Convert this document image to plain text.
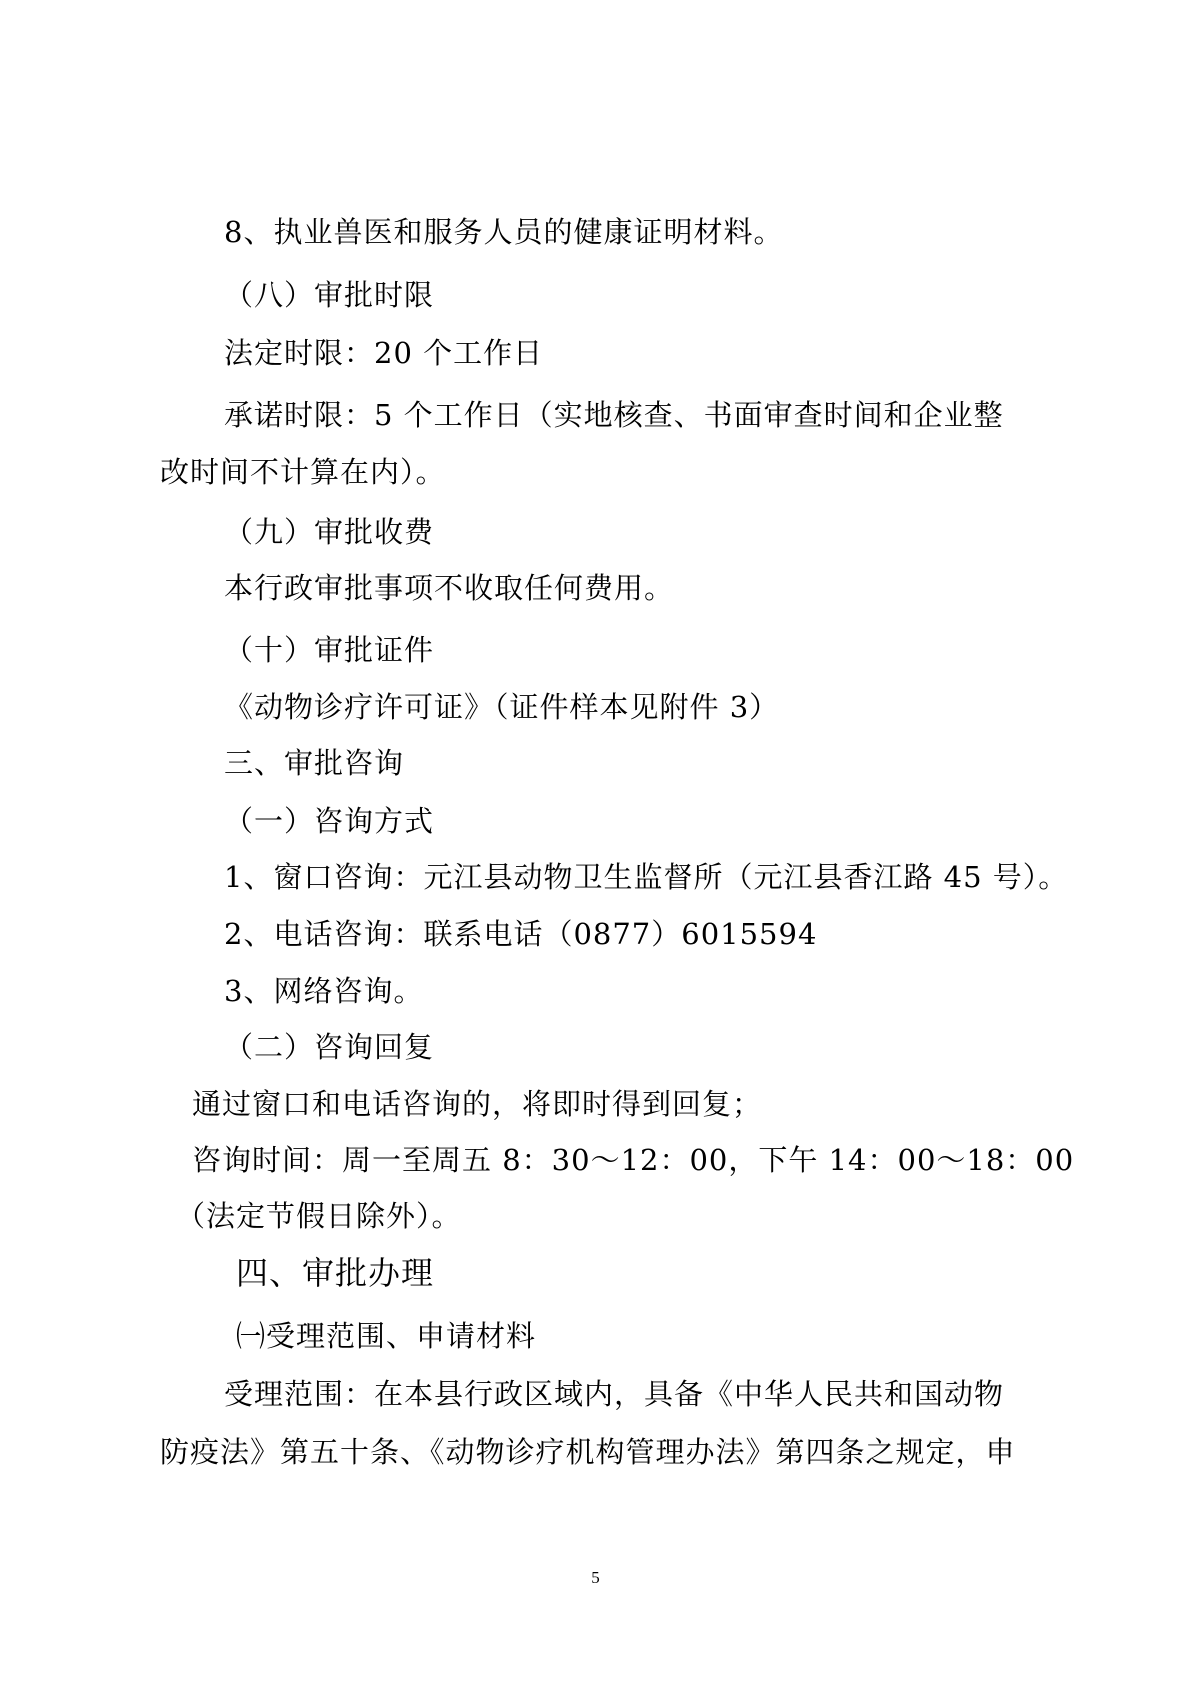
8、执业兽医和服务人员的健康证明材料。

（八）审批时限

法定时限：20 个工作日

承诺时限：5 个工作日（实地核查、书面审查时间和企业整

改时间不计算在内）。

（九）审批收费

本行政审批事项不收取任何费用。

（十）审批证件

《动物诊疗许可证》（证件样本见附件 3）

三、审批咨询

（一）咨询方式

1、窗口咨询：元江县动物卫生监督所（元江县香江路 45 号）。

2、电话咨询：联系电话（0877）6015594

3、网络咨询。

（二）咨询回复

通过窗口和电话咨询的，将即时得到回复；

咨询时间：周一至周五 8：30～12：00，下午 14：00～18：00

（法定节假日除外）。

四、审批办理

㈠受理范围、申请材料

受理范围：在本县行政区域内，具备《中华人民共和国动物

防疫法》第五十条、《动物诊疗机构管理办法》第四条之规定，申

5
